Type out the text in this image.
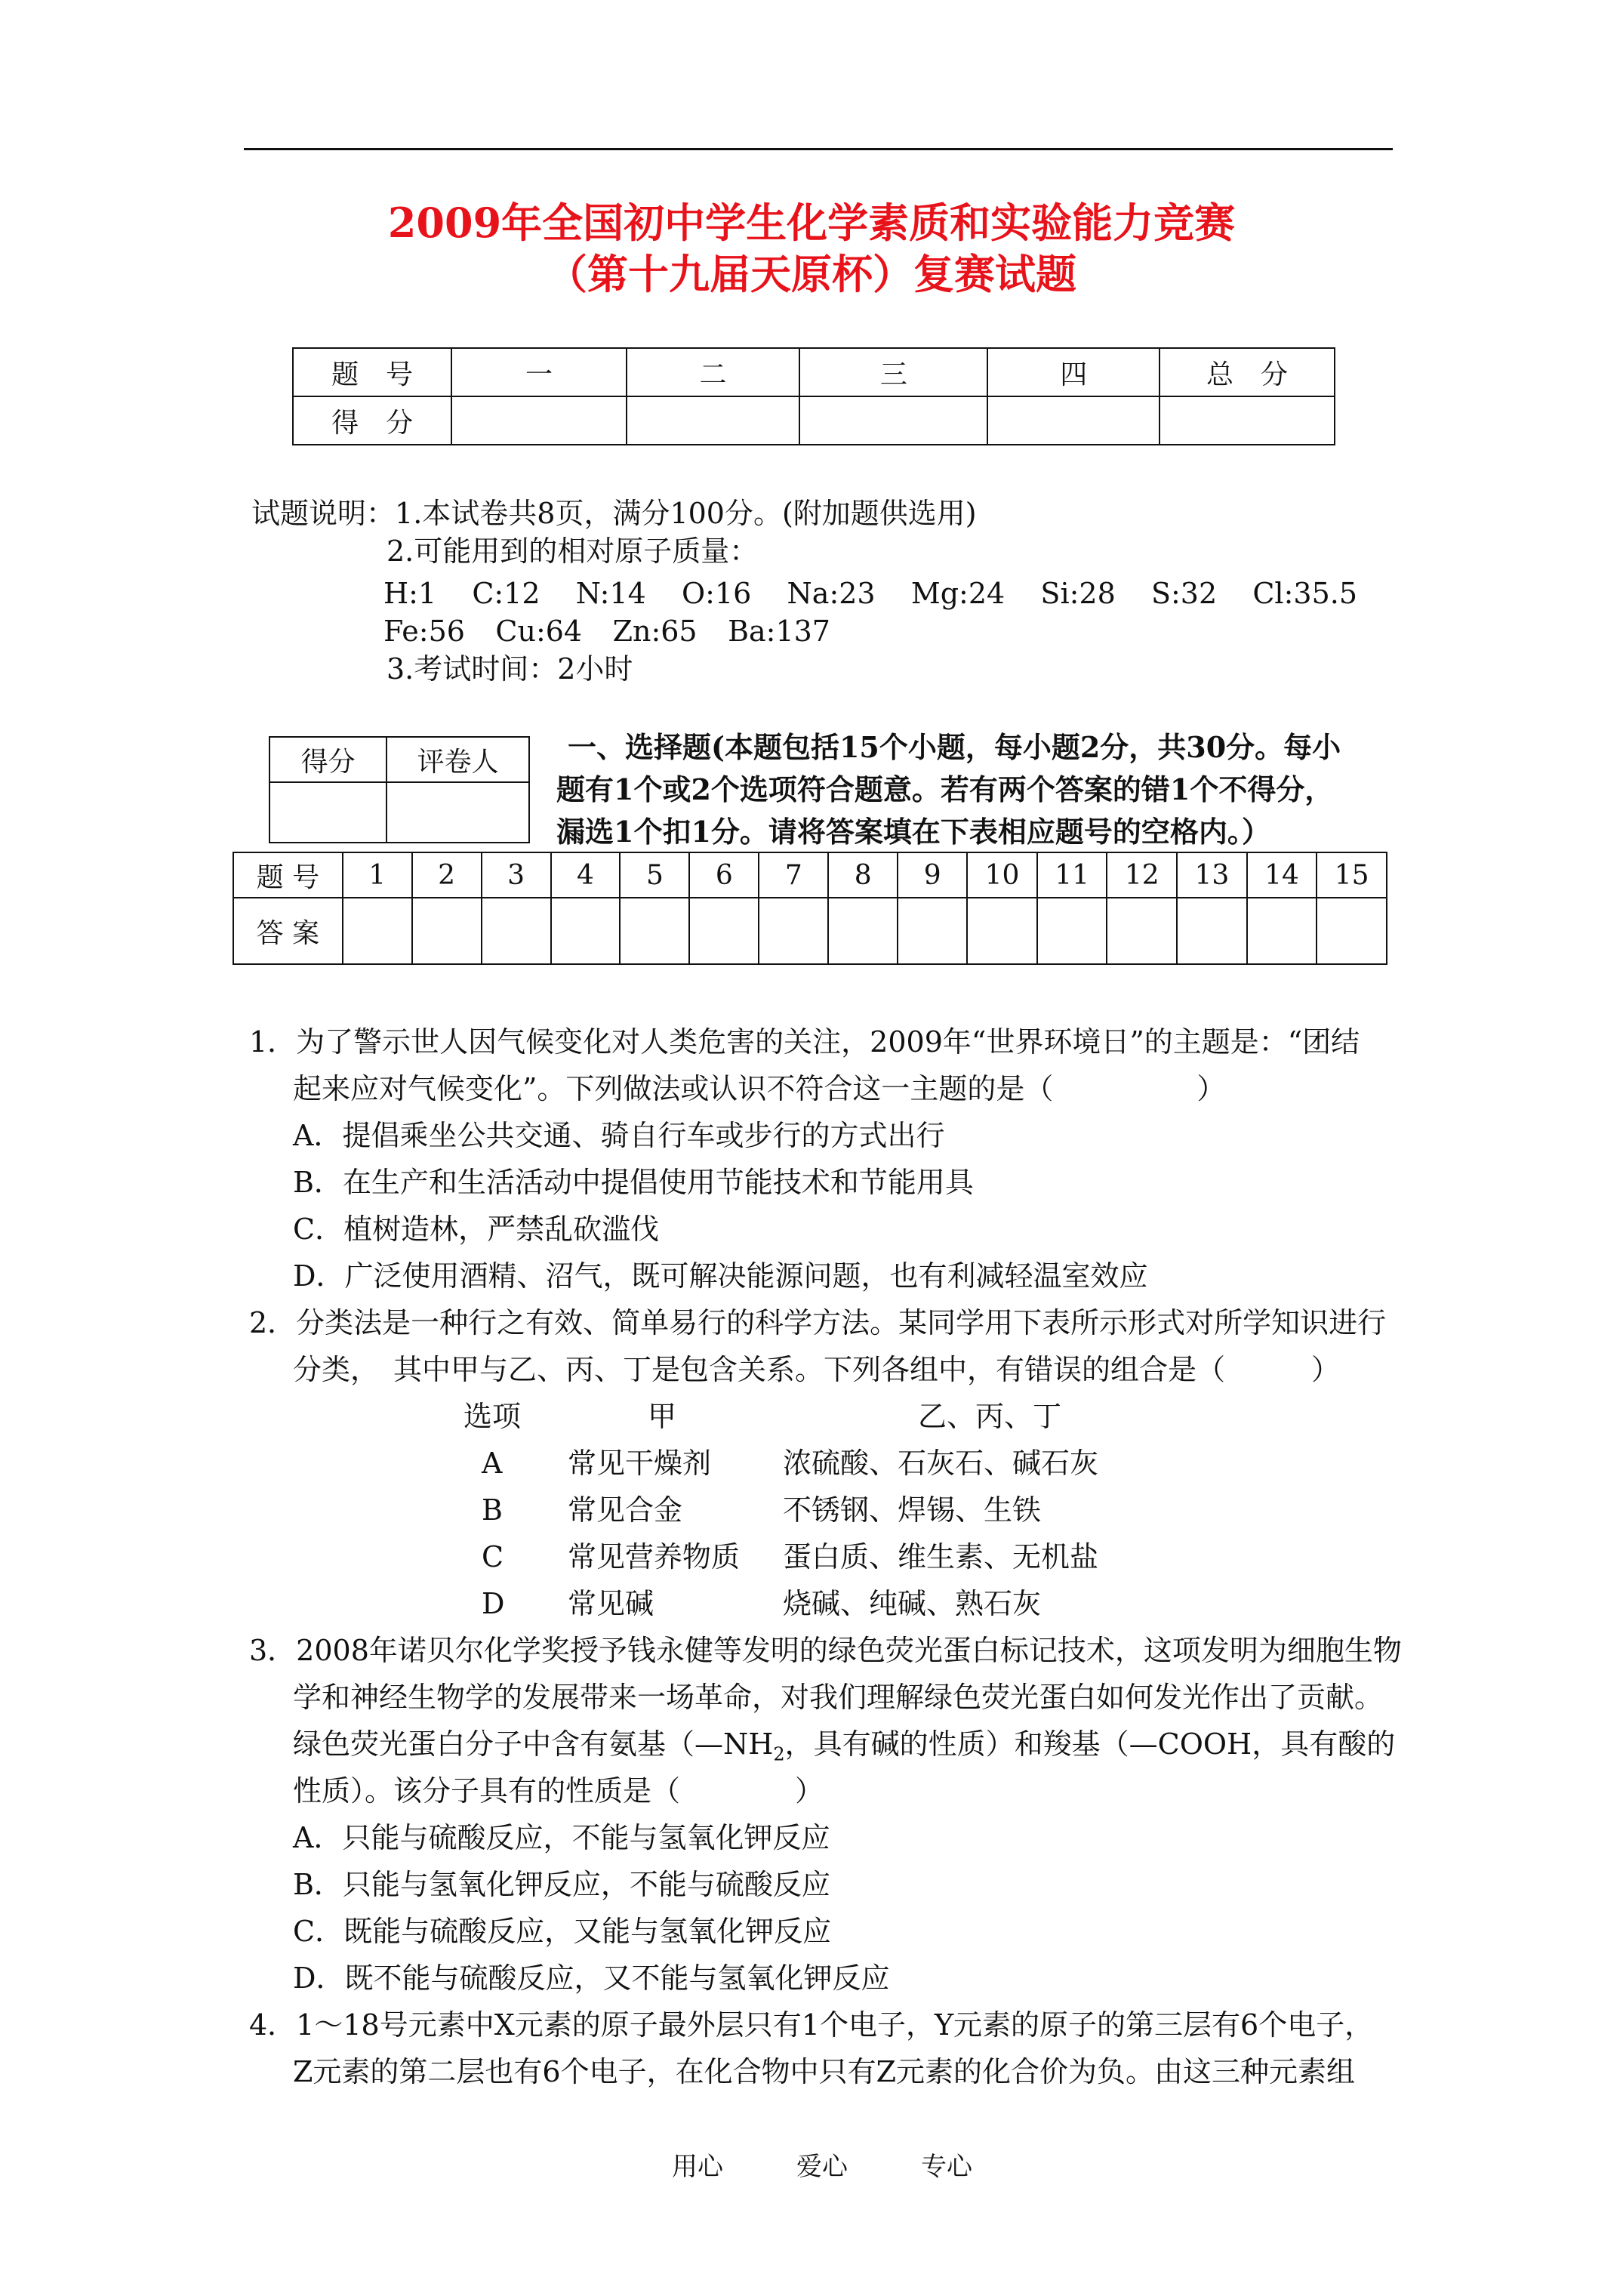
2009年全国初中学生化学素质和实验能力竞赛
（第十九届天原杯）复赛试题
题　号	一	二	三	四	总　分
得　分					
试题说明：1.本试卷共8页，满分100分。(附加题供选用)
2.可能用到的相对原子质量：
H:1 C:12 N:14 O:16 Na:23 Mg:24 Si:28 S:32 Cl:35.5
Fe:56 Cu:64 Zn:65 Ba:137
3.考试时间：2小时
得分	评卷人
	一、选择题(本题包括15个小题，每小题2分，共30分。每小
题有1个或2个选项符合题意。若有两个答案的错1个不得分，
漏选1个扣1分。请将答案填在下表相应题号的空格内。）
题 号	1	2	3	4	5	6	7	8	9	10	11	12	13	14	15
答 案															
1．为了警示世人因气候变化对人类危害的关注，2009年“世界环境日”的主题是：“团结
起来应对气候变化”。下列做法或认识不符合这一主题的是（　　　　　）
A．提倡乘坐公共交通、骑自行车或步行的方式出行
B．在生产和生活活动中提倡使用节能技术和节能用具
C．植树造林，严禁乱砍滥伐
D．广泛使用酒精、沼气，既可解决能源问题，也有利减轻温室效应
2．分类法是一种行之有效、简单易行的科学方法。某同学用下表所示形式对所学知识进行
分类，　其中甲与乙、丙、丁是包含关系。下列各组中，有错误的组合是（　　　）
选项	甲	乙、丙、丁
A 常见干燥剂 浓硫酸、石灰石、碱石灰
B 常见合金	不锈钢、焊锡、生铁
C 常见营养物质 蛋白质、维生素、无机盐
D 常见碱	烧碱、纯碱、熟石灰
3．2008年诺贝尔化学奖授予钱永健等发明的绿色荧光蛋白标记技术，这项发明为细胞生物
学和神经生物学的发展带来一场革命，对我们理解绿色荧光蛋白如何发光作出了贡献。
绿色荧光蛋白分子中含有氨基（$—NH_2$，具有碱的性质）和羧基（—COOH，具有酸的
性质）。该分子具有的性质是（　　　　）
A．只能与硫酸反应，不能与氢氧化钾反应
B．只能与氢氧化钾反应，不能与硫酸反应
C．既能与硫酸反应，又能与氢氧化钾反应
D．既不能与硫酸反应，又不能与氢氧化钾反应
4．1～18号元素中X元素的原子最外层只有1个电子，Y元素的原子的第三层有6个电子，
Z元素的第二层也有6个电子，在化合物中只有Z元素的化合价为负。由这三种元素组
用心	爱心	专心
